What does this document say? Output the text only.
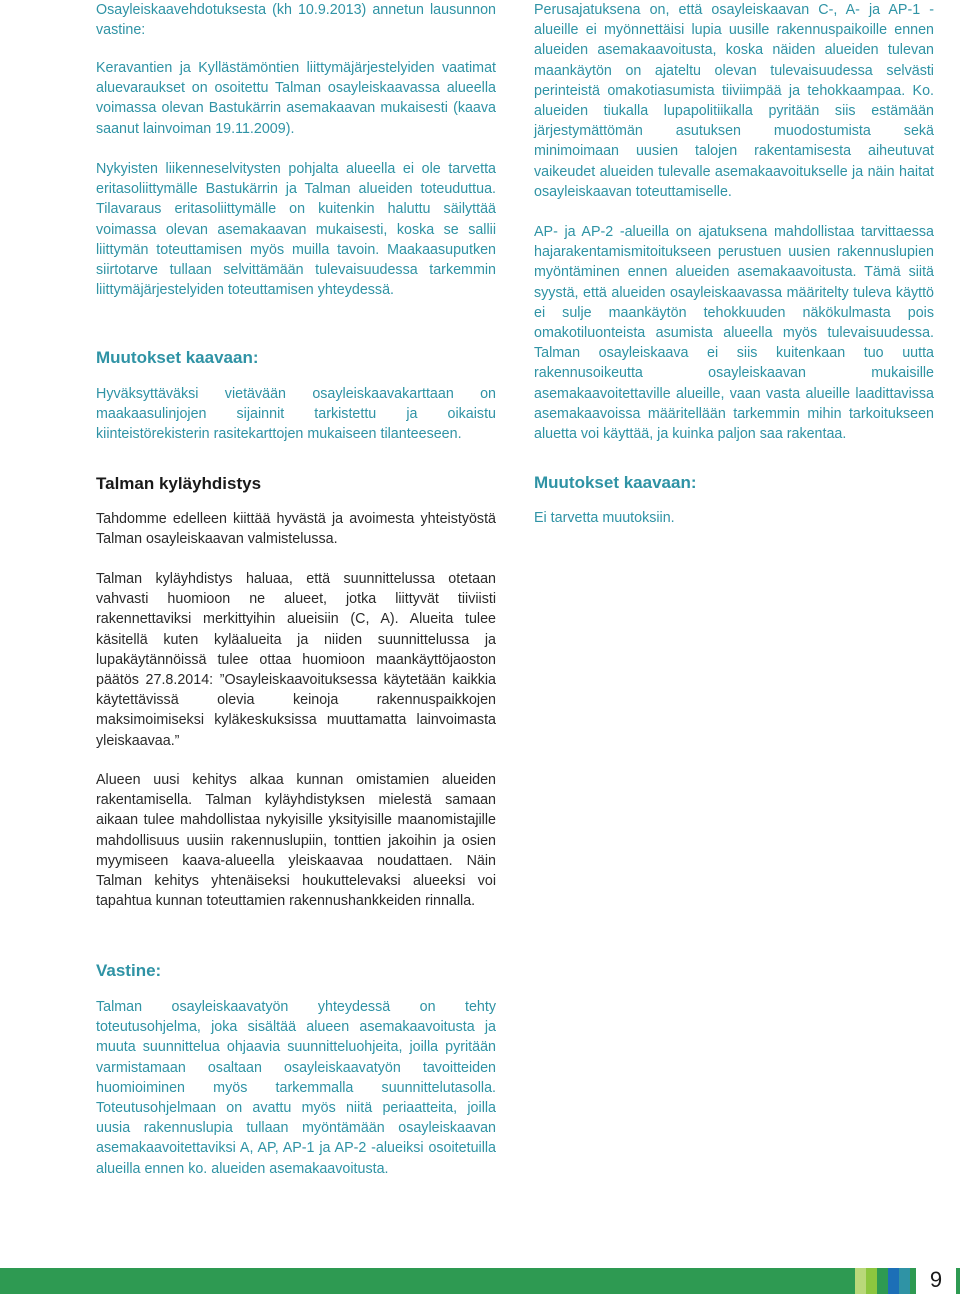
Osayleiskaavehdotuksesta (kh 10.9.2013) annetun lausunnon vastine:

Keravantien ja Kyllästämöntien liittymäjärjestelyiden vaatimat aluevaraukset on osoitettu Talman osayleiskaavassa alueella voimassa olevan Bastukärrin asemakaavan mukaisesti (kaava saanut lainvoiman 19.11.2009).

Nykyisten liikenneselvitysten pohjalta alueella ei ole tarvetta eritasoliittymälle Bastukärrin ja Talman alueiden toteuduttua. Tilavaraus eritasoliittymälle on kuitenkin haluttu säilyttää voimassa olevan asemakaavan mukaisesti, koska se sallii liittymän toteuttamisen myös muilla tavoin. Maakaasuputken siirtotarve tullaan selvittämään tulevaisuudessa tarkemmin liittymäjärjestelyiden toteuttamisen yhteydessä.

Muutokset kaavaan:

Hyväksyttäväksi vietävään osayleiskaavakarttaan on maakaasulinjojen sijainnit tarkistettu ja oikaistu kiinteistörekisterin rasitekarttojen mukaiseen tilanteeseen.

Talman kyläyhdistys

Tahdomme edelleen kiittää hyvästä ja avoimesta yhteistyöstä Talman osayleiskaavan valmistelussa.

Talman kyläyhdistys haluaa, että suunnittelussa otetaan vahvasti huomioon ne alueet, jotka liittyvät tiiviisti rakennettaviksi merkittyihin alueisiin (C, A). Alueita tulee käsitellä kuten kyläalueita ja niiden suunnittelussa ja lupakäytännöissä tulee ottaa huomioon maankäyttöjaoston päätös 27.8.2014: ”Osayleiskaavoituksessa käytetään kaikkia käytettävissä olevia keinoja rakennuspaikkojen maksimoimiseksi kyläkeskuksissa muuttamatta lainvoimasta yleiskaavaa.”

Alueen uusi kehitys alkaa kunnan omistamien alueiden rakentamisella. Talman kyläyhdistyksen mielestä samaan aikaan tulee mahdollistaa nykyisille yksityisille maanomistajille mahdollisuus uusiin rakennuslupiin, tonttien jakoihin ja osien myymiseen kaava-alueella yleiskaavaa noudattaen. Näin Talman kehitys yhtenäiseksi houkuttelevaksi alueeksi voi tapahtua kunnan toteuttamien rakennushankkeiden rinnalla.

Vastine:

Talman osayleiskaavatyön yhteydessä on tehty toteutusohjelma, joka sisältää alueen asemakaavoitusta ja muuta suunnittelua ohjaavia suunnitteluohjeita, joilla pyritään varmistamaan osaltaan osayleiskaavatyön tavoitteiden huomioiminen myös tarkemmalla suunnittelutasolla. Toteutusohjelmaan on avattu myös niitä periaatteita, joilla uusia rakennuslupia tullaan myöntämään osayleiskaavan asemakaavoitettaviksi A, AP, AP-1 ja AP-2 -alueiksi osoitetuilla alueilla ennen ko. alueiden asemakaavoitusta.

Perusajatuksena on, että osayleiskaavan C-, A- ja AP-1 -alueille ei myönnettäisi lupia uusille rakennuspaikoille ennen alueiden asemakaavoitusta, koska näiden alueiden tulevan maankäytön on ajateltu olevan tulevaisuudessa selvästi perinteistä omakotiasumista tiiviimpää ja tehokkaampaa. Ko. alueiden tiukalla lupapolitiikalla pyritään siis estämään järjestymättömän asutuksen muodostumista sekä minimoimaan uusien talojen rakentamisesta aiheutuvat vaikeudet alueiden tulevalle asemakaavoitukselle ja näin haitat osayleiskaavan toteuttamiselle.

AP- ja AP-2 -alueilla on ajatuksena mahdollistaa tarvittaessa hajarakentamismitoitukseen perustuen uusien rakennuslupien myöntäminen ennen alueiden asemakaavoitusta. Tämä siitä syystä, että alueiden osayleiskaavassa määritelty tuleva käyttö ei sulje maankäytön tehokkuuden näkökulmasta pois omakotiluonteista asumista alueella myös tulevaisuudessa. Talman osayleiskaava ei siis kuitenkaan tuo uutta rakennusoikeutta osayleiskaavan mukaisille asemakaavoitettaville alueille, vaan vasta alueille laadittavissa asemakaavoissa määritellään tarkemmin mihin tarkoitukseen aluetta voi käyttää, ja kuinka paljon saa rakentaa.

Muutokset kaavaan:

Ei tarvetta muutoksiin.

9
